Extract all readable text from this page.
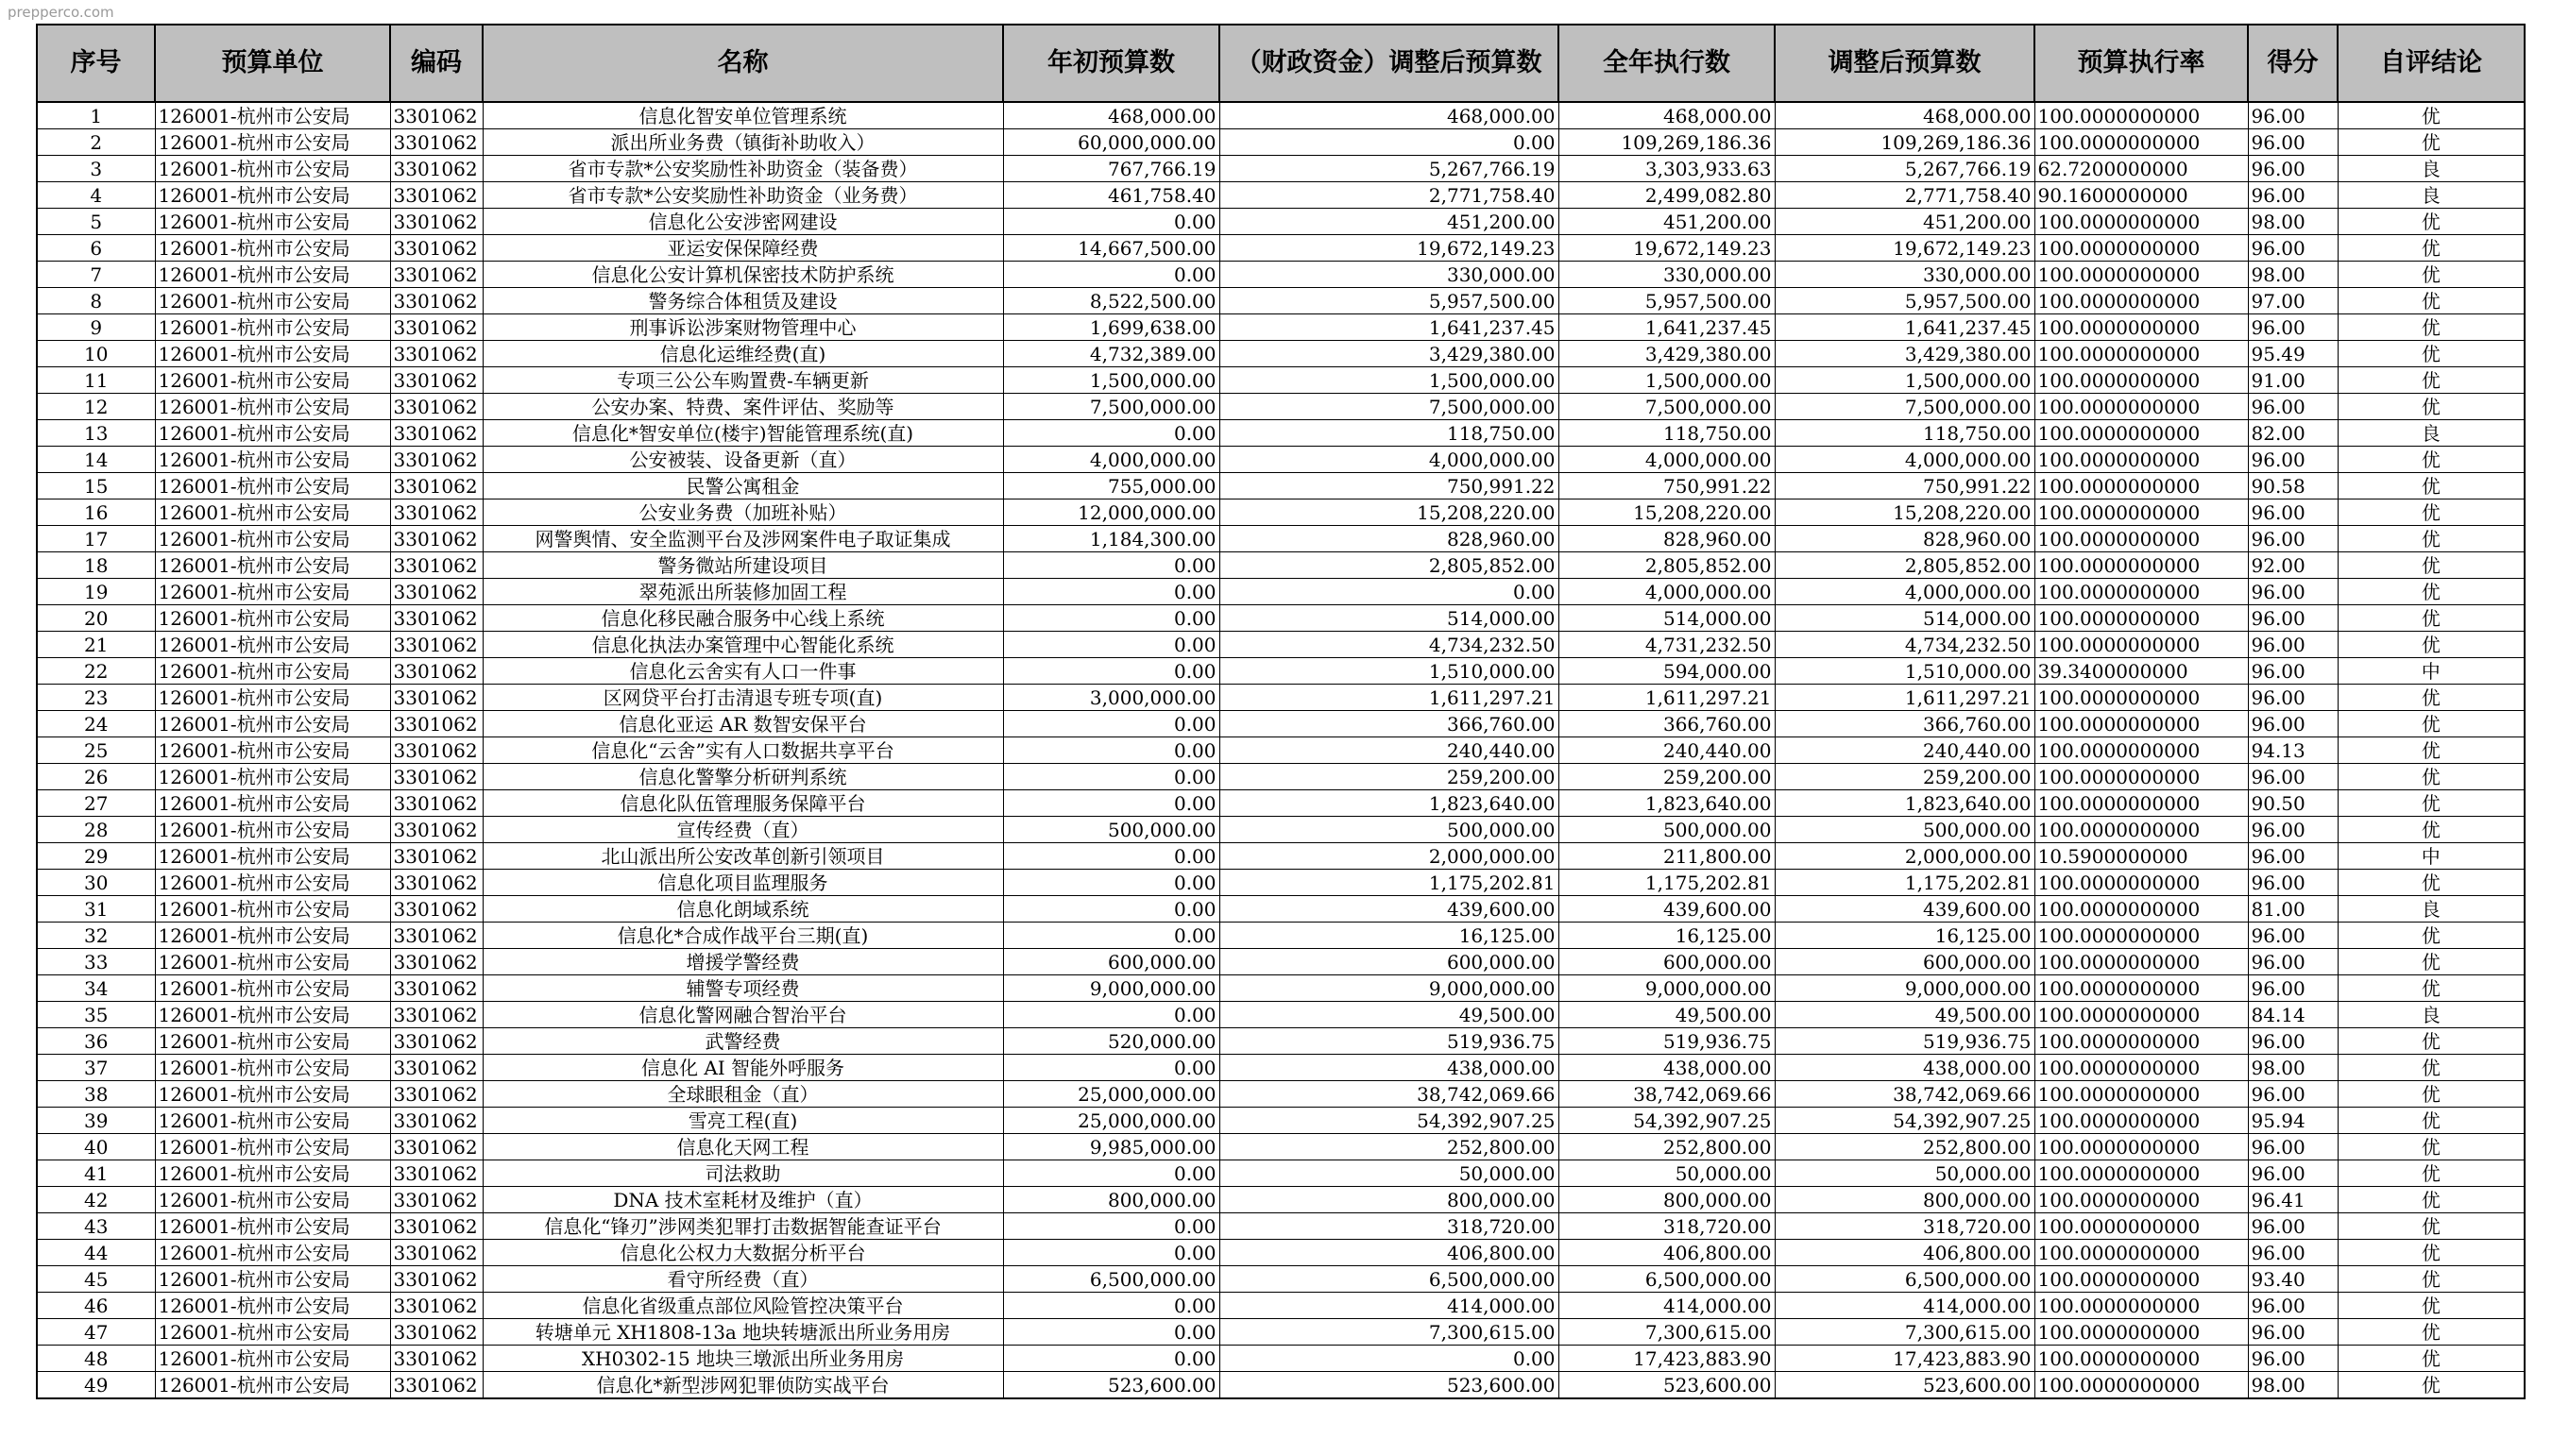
prepperco.com
序号	预算单位	编码	名称	年初预算数	（财政资金）调整后预算数	全年执行数	调整后预算数	预算执行率	得分	自评结论
1	126001-杭州市公安局	3301062	信息化智安单位管理系统	468,000.00	468,000.00	468,000.00	468,000.00	100.0000000000	96.00	优
2	126001-杭州市公安局	3301062	派出所业务费（镇街补助收入）	60,000,000.00	0.00	109,269,186.36	109,269,186.36	100.0000000000	96.00	优
3	126001-杭州市公安局	3301062	省市专款*公安奖励性补助资金（装备费）	767,766.19	5,267,766.19	3,303,933.63	5,267,766.19	62.7200000000	96.00	良
4	126001-杭州市公安局	3301062	省市专款*公安奖励性补助资金（业务费）	461,758.40	2,771,758.40	2,499,082.80	2,771,758.40	90.1600000000	96.00	良
5	126001-杭州市公安局	3301062	信息化公安涉密网建设	0.00	451,200.00	451,200.00	451,200.00	100.0000000000	98.00	优
6	126001-杭州市公安局	3301062	亚运安保保障经费	14,667,500.00	19,672,149.23	19,672,149.23	19,672,149.23	100.0000000000	96.00	优
7	126001-杭州市公安局	3301062	信息化公安计算机保密技术防护系统	0.00	330,000.00	330,000.00	330,000.00	100.0000000000	98.00	优
8	126001-杭州市公安局	3301062	警务综合体租赁及建设	8,522,500.00	5,957,500.00	5,957,500.00	5,957,500.00	100.0000000000	97.00	优
9	126001-杭州市公安局	3301062	刑事诉讼涉案财物管理中心	1,699,638.00	1,641,237.45	1,641,237.45	1,641,237.45	100.0000000000	96.00	优
10	126001-杭州市公安局	3301062	信息化运维经费(直)	4,732,389.00	3,429,380.00	3,429,380.00	3,429,380.00	100.0000000000	95.49	优
11	126001-杭州市公安局	3301062	专项三公公车购置费-车辆更新	1,500,000.00	1,500,000.00	1,500,000.00	1,500,000.00	100.0000000000	91.00	优
12	126001-杭州市公安局	3301062	公安办案、特费、案件评估、奖励等	7,500,000.00	7,500,000.00	7,500,000.00	7,500,000.00	100.0000000000	96.00	优
13	126001-杭州市公安局	3301062	信息化*智安单位(楼宇)智能管理系统(直)	0.00	118,750.00	118,750.00	118,750.00	100.0000000000	82.00	良
14	126001-杭州市公安局	3301062	公安被装、设备更新（直）	4,000,000.00	4,000,000.00	4,000,000.00	4,000,000.00	100.0000000000	96.00	优
15	126001-杭州市公安局	3301062	民警公寓租金	755,000.00	750,991.22	750,991.22	750,991.22	100.0000000000	90.58	优
16	126001-杭州市公安局	3301062	公安业务费（加班补贴）	12,000,000.00	15,208,220.00	15,208,220.00	15,208,220.00	100.0000000000	96.00	优
17	126001-杭州市公安局	3301062	网警舆情、安全监测平台及涉网案件电子取证集成	1,184,300.00	828,960.00	828,960.00	828,960.00	100.0000000000	96.00	优
18	126001-杭州市公安局	3301062	警务微站所建设项目	0.00	2,805,852.00	2,805,852.00	2,805,852.00	100.0000000000	92.00	优
19	126001-杭州市公安局	3301062	翠苑派出所装修加固工程	0.00	0.00	4,000,000.00	4,000,000.00	100.0000000000	96.00	优
20	126001-杭州市公安局	3301062	信息化移民融合服务中心线上系统	0.00	514,000.00	514,000.00	514,000.00	100.0000000000	96.00	优
21	126001-杭州市公安局	3301062	信息化执法办案管理中心智能化系统	0.00	4,734,232.50	4,731,232.50	4,734,232.50	100.0000000000	96.00	优
22	126001-杭州市公安局	3301062	信息化云舍实有人口一件事	0.00	1,510,000.00	594,000.00	1,510,000.00	39.3400000000	96.00	中
23	126001-杭州市公安局	3301062	区网贷平台打击清退专班专项(直)	3,000,000.00	1,611,297.21	1,611,297.21	1,611,297.21	100.0000000000	96.00	优
24	126001-杭州市公安局	3301062	信息化亚运 AR 数智安保平台	0.00	366,760.00	366,760.00	366,760.00	100.0000000000	96.00	优
25	126001-杭州市公安局	3301062	信息化“云舍”实有人口数据共享平台	0.00	240,440.00	240,440.00	240,440.00	100.0000000000	94.13	优
26	126001-杭州市公安局	3301062	信息化警擎分析研判系统	0.00	259,200.00	259,200.00	259,200.00	100.0000000000	96.00	优
27	126001-杭州市公安局	3301062	信息化队伍管理服务保障平台	0.00	1,823,640.00	1,823,640.00	1,823,640.00	100.0000000000	90.50	优
28	126001-杭州市公安局	3301062	宣传经费（直）	500,000.00	500,000.00	500,000.00	500,000.00	100.0000000000	96.00	优
29	126001-杭州市公安局	3301062	北山派出所公安改革创新引领项目	0.00	2,000,000.00	211,800.00	2,000,000.00	10.5900000000	96.00	中
30	126001-杭州市公安局	3301062	信息化项目监理服务	0.00	1,175,202.81	1,175,202.81	1,175,202.81	100.0000000000	96.00	优
31	126001-杭州市公安局	3301062	信息化朗域系统	0.00	439,600.00	439,600.00	439,600.00	100.0000000000	81.00	良
32	126001-杭州市公安局	3301062	信息化*合成作战平台三期(直)	0.00	16,125.00	16,125.00	16,125.00	100.0000000000	96.00	优
33	126001-杭州市公安局	3301062	增援学警经费	600,000.00	600,000.00	600,000.00	600,000.00	100.0000000000	96.00	优
34	126001-杭州市公安局	3301062	辅警专项经费	9,000,000.00	9,000,000.00	9,000,000.00	9,000,000.00	100.0000000000	96.00	优
35	126001-杭州市公安局	3301062	信息化警网融合智治平台	0.00	49,500.00	49,500.00	49,500.00	100.0000000000	84.14	良
36	126001-杭州市公安局	3301062	武警经费	520,000.00	519,936.75	519,936.75	519,936.75	100.0000000000	96.00	优
37	126001-杭州市公安局	3301062	信息化 AI 智能外呼服务	0.00	438,000.00	438,000.00	438,000.00	100.0000000000	98.00	优
38	126001-杭州市公安局	3301062	全球眼租金（直）	25,000,000.00	38,742,069.66	38,742,069.66	38,742,069.66	100.0000000000	96.00	优
39	126001-杭州市公安局	3301062	雪亮工程(直)	25,000,000.00	54,392,907.25	54,392,907.25	54,392,907.25	100.0000000000	95.94	优
40	126001-杭州市公安局	3301062	信息化天网工程	9,985,000.00	252,800.00	252,800.00	252,800.00	100.0000000000	96.00	优
41	126001-杭州市公安局	3301062	司法救助	0.00	50,000.00	50,000.00	50,000.00	100.0000000000	96.00	优
42	126001-杭州市公安局	3301062	DNA 技术室耗材及维护（直）	800,000.00	800,000.00	800,000.00	800,000.00	100.0000000000	96.41	优
43	126001-杭州市公安局	3301062	信息化“锋刃”涉网类犯罪打击数据智能查证平台	0.00	318,720.00	318,720.00	318,720.00	100.0000000000	96.00	优
44	126001-杭州市公安局	3301062	信息化公权力大数据分析平台	0.00	406,800.00	406,800.00	406,800.00	100.0000000000	96.00	优
45	126001-杭州市公安局	3301062	看守所经费（直）	6,500,000.00	6,500,000.00	6,500,000.00	6,500,000.00	100.0000000000	93.40	优
46	126001-杭州市公安局	3301062	信息化省级重点部位风险管控决策平台	0.00	414,000.00	414,000.00	414,000.00	100.0000000000	96.00	优
47	126001-杭州市公安局	3301062	转塘单元 XH1808-13a 地块转塘派出所业务用房	0.00	7,300,615.00	7,300,615.00	7,300,615.00	100.0000000000	96.00	优
48	126001-杭州市公安局	3301062	XH0302-15 地块三墩派出所业务用房	0.00	0.00	17,423,883.90	17,423,883.90	100.0000000000	96.00	优
49	126001-杭州市公安局	3301062	信息化*新型涉网犯罪侦防实战平台	523,600.00	523,600.00	523,600.00	523,600.00	100.0000000000	98.00	优
